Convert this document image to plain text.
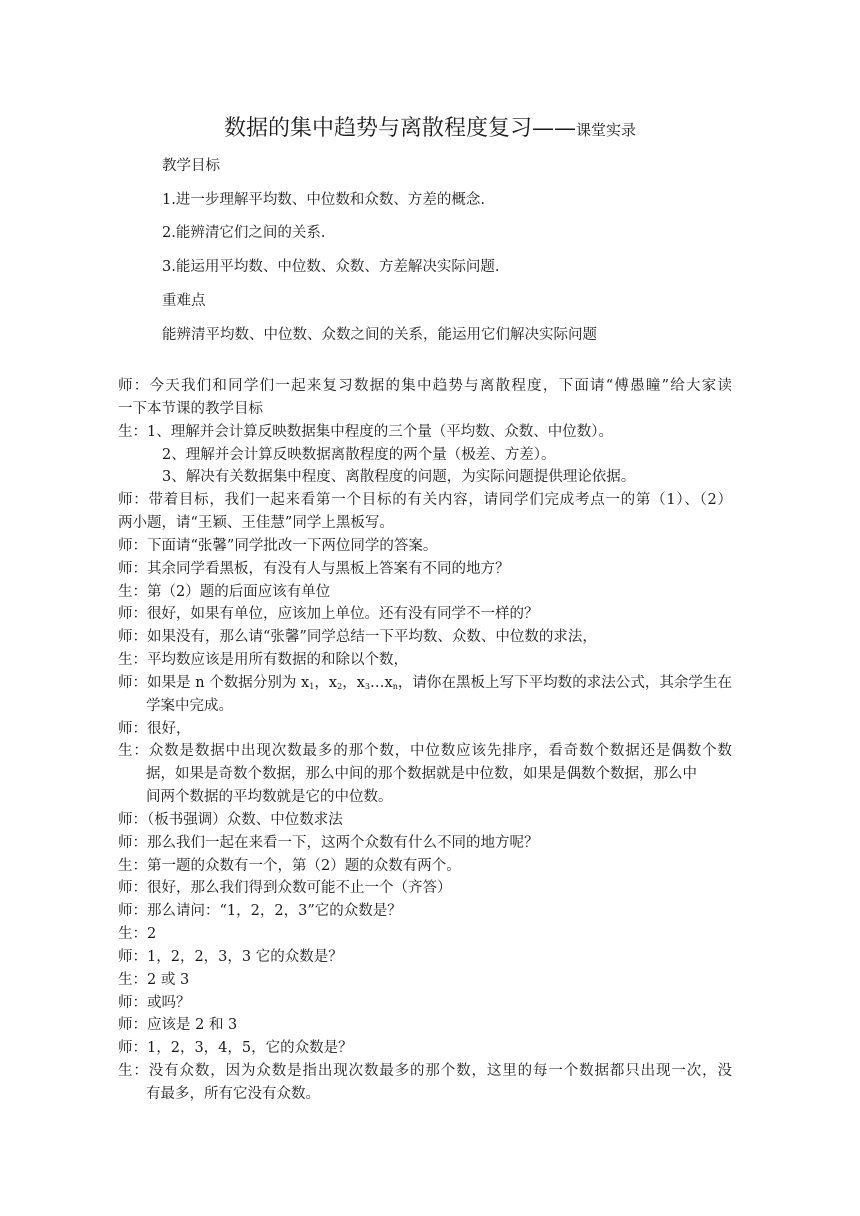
数据的集中趋势与离散程度复习——课堂实录
教学目标
1.进一步理解平均数、中位数和众数、方差的概念.
2.能辨清它们之间的关系.
3.能运用平均数、中位数、众数、方差解决实际问题.
重难点
能辨清平均数、中位数、众数之间的关系，能运用它们解决实际问题
师：今天我们和同学们一起来复习数据的集中趋势与离散程度，下面请“傅愚瞳”给大家读
一下本节课的教学目标
生：1、理解并会计算反映数据集中程度的三个量（平均数、众数、中位数）。
2、理解并会计算反映数据离散程度的两个量（极差、方差）。
3、解决有关数据集中程度、离散程度的问题，为实际问题提供理论依据。
师：带着目标，我们一起来看第一个目标的有关内容，请同学们完成考点一的第（1）、（2）
两小题，请“王颖、王佳慧”同学上黑板写。
师：下面请“张馨”同学批改一下两位同学的答案。
师：其余同学看黑板，有没有人与黑板上答案有不同的地方？
生：第（2）题的后面应该有单位
师：很好，如果有单位，应该加上单位。还有没有同学不一样的？
师：如果没有，那么请“张馨”同学总结一下平均数、众数、中位数的求法，
生：平均数应该是用所有数据的和除以个数，
师：如果是 n 个数据分别为 $x_1$，$x_2$，$x_3\dots x_n$，请你在黑板上写下平均数的求法公式，其余学生在
学案中完成。
师：很好，
生：众数是数据中出现次数最多的那个数，中位数应该先排序，看奇数个数据还是偶数个数
据，如果是奇数个数据，那么中间的那个数据就是中位数，如果是偶数个数据，那么中
间两个数据的平均数就是它的中位数。
师：（板书强调）众数、中位数求法
师：那么我们一起在来看一下，这两个众数有什么不同的地方呢？
生：第一题的众数有一个，第（2）题的众数有两个。
师：很好，那么我们得到众数可能不止一个（齐答）
师：那么请问：“1，2，2，3”它的众数是？
生：2
师：1，2，2，3，3 它的众数是？
生：2 或 3
师：或吗？
师：应该是 2 和 3
师：1，2，3，4，5，它的众数是？
生：没有众数，因为众数是指出现次数最多的那个数，这里的每一个数据都只出现一次，没
有最多，所有它没有众数。
